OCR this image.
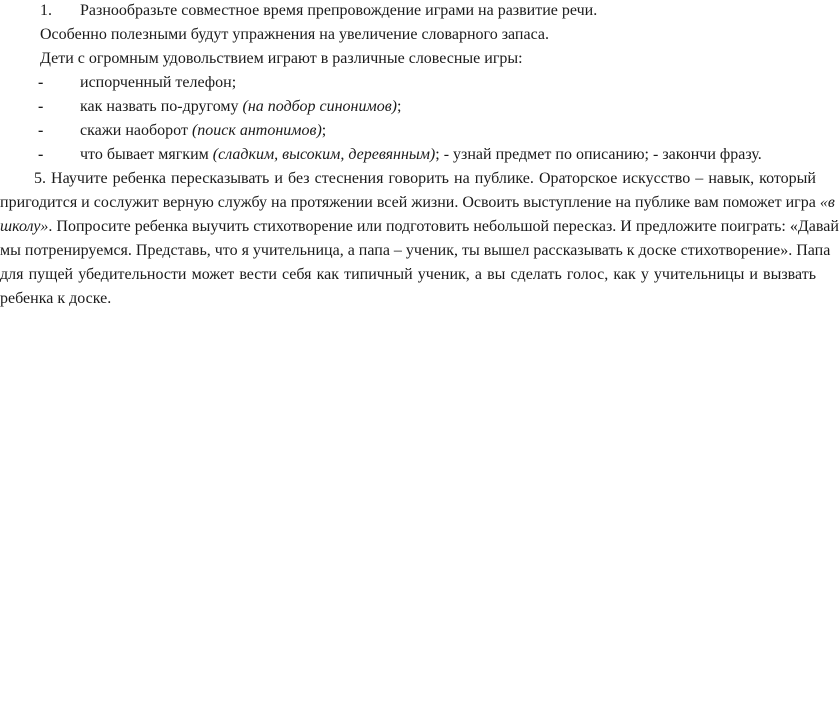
1. Разнообразьте совместное время препровождение играми на развитие речи.
Особенно полезными будут упражнения на увеличение словарного запаса.
Дети с огромным удовольствием играют в различные словесные игры:
- испорченный телефон;
- как назвать по-другому (на подбор синонимов);
- скажи наоборот (поиск антонимов);
- что бывает мягким (сладким, высоким, деревянным); - узнай предмет по описанию; - закончи фразу.
5. Научите ребенка пересказывать и без стеснения говорить на публике. Ораторское искусство – навык, который
пригодится и сослужит верную службу на протяжении всей жизни. Освоить выступление на публике вам поможет игра «в
школу». Попросите ребенка выучить стихотворение или подготовить небольшой пересказ. И предложите поиграть: «Давай
мы потренируемся. Представь, что я учительница, а папа – ученик, ты вышел рассказывать к доске стихотворение». Папа
для пущей убедительности может вести себя как типичный ученик, а вы сделать голос, как у учительницы и вызвать
ребенка к доске.
